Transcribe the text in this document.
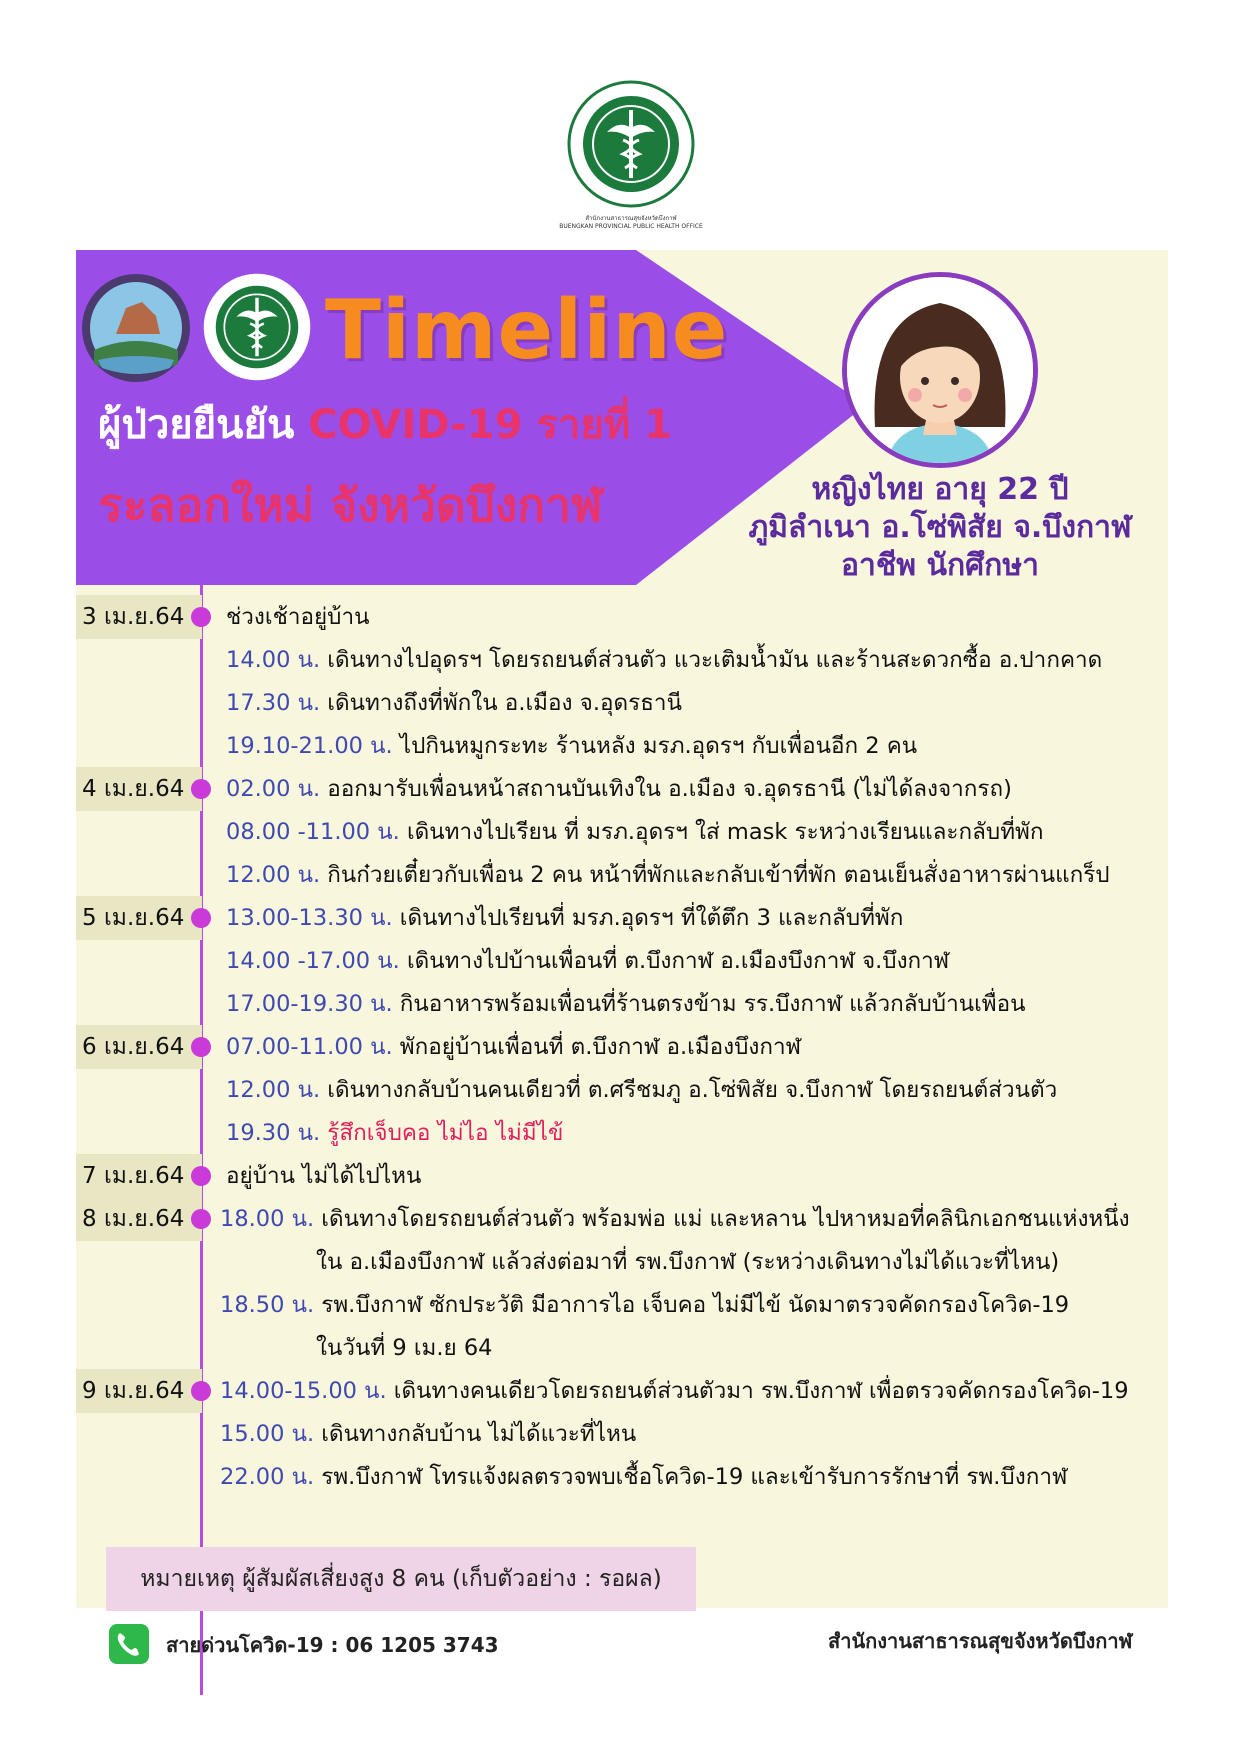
สำนักงานสาธารณสุขจังหวัดบึงกาฬ
BUENGKAN PROVINCIAL PUBLIC HEALTH OFFICE
Timeline
ผู้ป่วยยืนยัน COVID-19 รายที่ 1
ระลอกใหม่ จังหวัดบึงกาฬ	หญิงไทย อายุ 22 ปี
ภูมิลำเนา อ.โซ่พิสัย จ.บึงกาฬ
อาชีพ นักศึกษา
3 เม.ย.64
4 เม.ย.64
5 เม.ย.64
6 เม.ย.64
7 เม.ย.64
8 เม.ย.64
9 เม.ย.64
ช่วงเช้าอยู่บ้าน
14.00 น. เดินทางไปอุดรฯ โดยรถยนต์ส่วนตัว แวะเติมน้ำมัน และร้านสะดวกซื้อ อ.ปากคาด
17.30 น. เดินทางถึงที่พักใน อ.เมือง จ.อุดรธานี
19.10-21.00 น. ไปกินหมูกระทะ ร้านหลัง มรภ.อุดรฯ กับเพื่อนอีก 2 คน
02.00 น. ออกมารับเพื่อนหน้าสถานบันเทิงใน อ.เมือง จ.อุดรธานี (ไม่ได้ลงจากรถ)
08.00 -11.00 น. เดินทางไปเรียน ที่ มรภ.อุดรฯ ใส่ mask ระหว่างเรียนและกลับที่พัก
12.00 น. กินก๋วยเตี๋ยวกับเพื่อน 2 คน หน้าที่พักและกลับเข้าที่พัก ตอนเย็นสั่งอาหารผ่านแกร็ป
13.00-13.30 น. เดินทางไปเรียนที่ มรภ.อุดรฯ ที่ใต้ตึก 3 และกลับที่พัก
14.00 -17.00 น. เดินทางไปบ้านเพื่อนที่ ต.บึงกาฬ อ.เมืองบึงกาฬ จ.บึงกาฬ
17.00-19.30 น. กินอาหารพร้อมเพื่อนที่ร้านตรงข้าม รร.บึงกาฬ แล้วกลับบ้านเพื่อน
07.00-11.00 น. พักอยู่บ้านเพื่อนที่ ต.บึงกาฬ อ.เมืองบึงกาฬ
12.00 น. เดินทางกลับบ้านคนเดียวที่ ต.ศรีชมภู อ.โซ่พิสัย จ.บึงกาฬ โดยรถยนต์ส่วนตัว
19.30 น. รู้สึกเจ็บคอ ไม่ไอ ไม่มีไข้
อยู่บ้าน ไม่ได้ไปไหน
18.00 น. เดินทางโดยรถยนต์ส่วนตัว พร้อมพ่อ แม่ และหลาน ไปหาหมอที่คลินิกเอกชนแห่งหนึ่ง
ใน อ.เมืองบึงกาฬ แล้วส่งต่อมาที่ รพ.บึงกาฬ (ระหว่างเดินทางไม่ได้แวะที่ไหน)
18.50 น. รพ.บึงกาฬ ซักประวัติ มีอาการไอ เจ็บคอ ไม่มีไข้ นัดมาตรวจคัดกรองโควิด-19
ในวันที่ 9 เม.ย 64
14.00-15.00 น. เดินทางคนเดียวโดยรถยนต์ส่วนตัวมา รพ.บึงกาฬ เพื่อตรวจคัดกรองโควิด-19
15.00 น. เดินทางกลับบ้าน ไม่ได้แวะที่ไหน
22.00 น. รพ.บึงกาฬ โทรแจ้งผลตรวจพบเชื้อโควิด-19 และเข้ารับการรักษาที่ รพ.บึงกาฬ
หมายเหตุ ผู้สัมผัสเสี่ยงสูง 8 คน (เก็บตัวอย่าง : รอผล)
สายด่วนโควิด-19 : 06 1205 3743	สำนักงานสาธารณสุขจังหวัดบึงกาฬ
